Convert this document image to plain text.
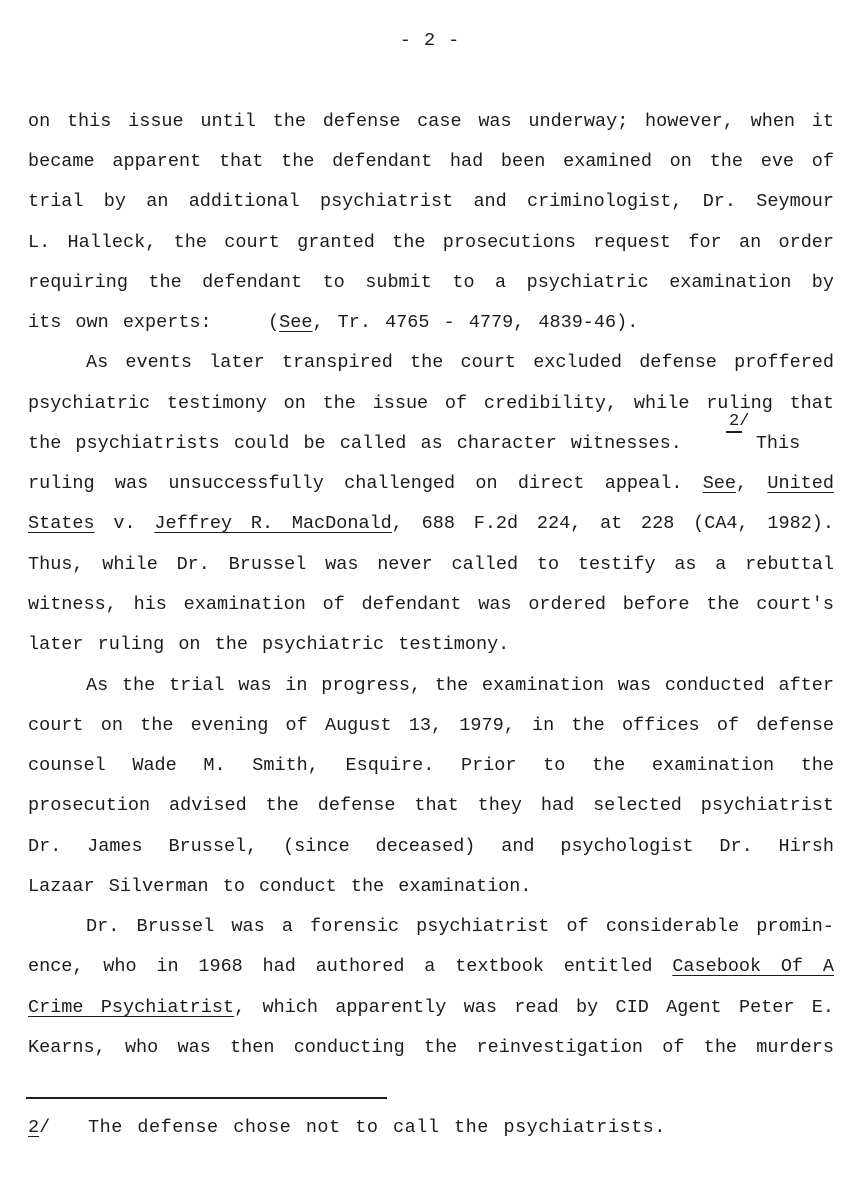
- 2 -
on this issue until the defense case was underway; however, when it
became apparent that the defendant had been examined on the eve of
trial by an additional psychiatrist and criminologist, Dr. Seymour
L. Halleck, the court granted the prosecutions request for an order
requiring the defendant to submit to a psychiatric examination by
its own experts:    (See, Tr. 4765 - 4779, 4839-46).
As events later transpired the court excluded defense proffered
psychiatric testimony on the issue of credibility, while ruling that
the psychiatrists could be called as character witnesses.	This
2/
ruling was unsuccessfully challenged on direct appeal. See, United
States v. Jeffrey R. MacDonald, 688 F.2d 224, at 228 (CA4, 1982).
Thus, while Dr. Brussel was never called to testify as a rebuttal
witness, his examination of defendant was ordered before the court's
later ruling on the psychiatric testimony.
As the trial was in progress, the examination was conducted after
court on the evening of August 13, 1979, in the offices of defense
counsel Wade M. Smith, Esquire. Prior to the examination the
prosecution advised the defense that they had selected psychiatrist
Dr. James Brussel, (since deceased) and psychologist Dr. Hirsh
Lazaar Silverman to conduct the examination.
Dr. Brussel was a forensic psychiatrist of considerable promin-
ence, who in 1968 had authored a textbook entitled Casebook Of A
Crime Psychiatrist, which apparently was read by CID Agent Peter E.
Kearns, who was then conducting the reinvestigation of the murders
2/ The defense chose not to call the psychiatrists.
